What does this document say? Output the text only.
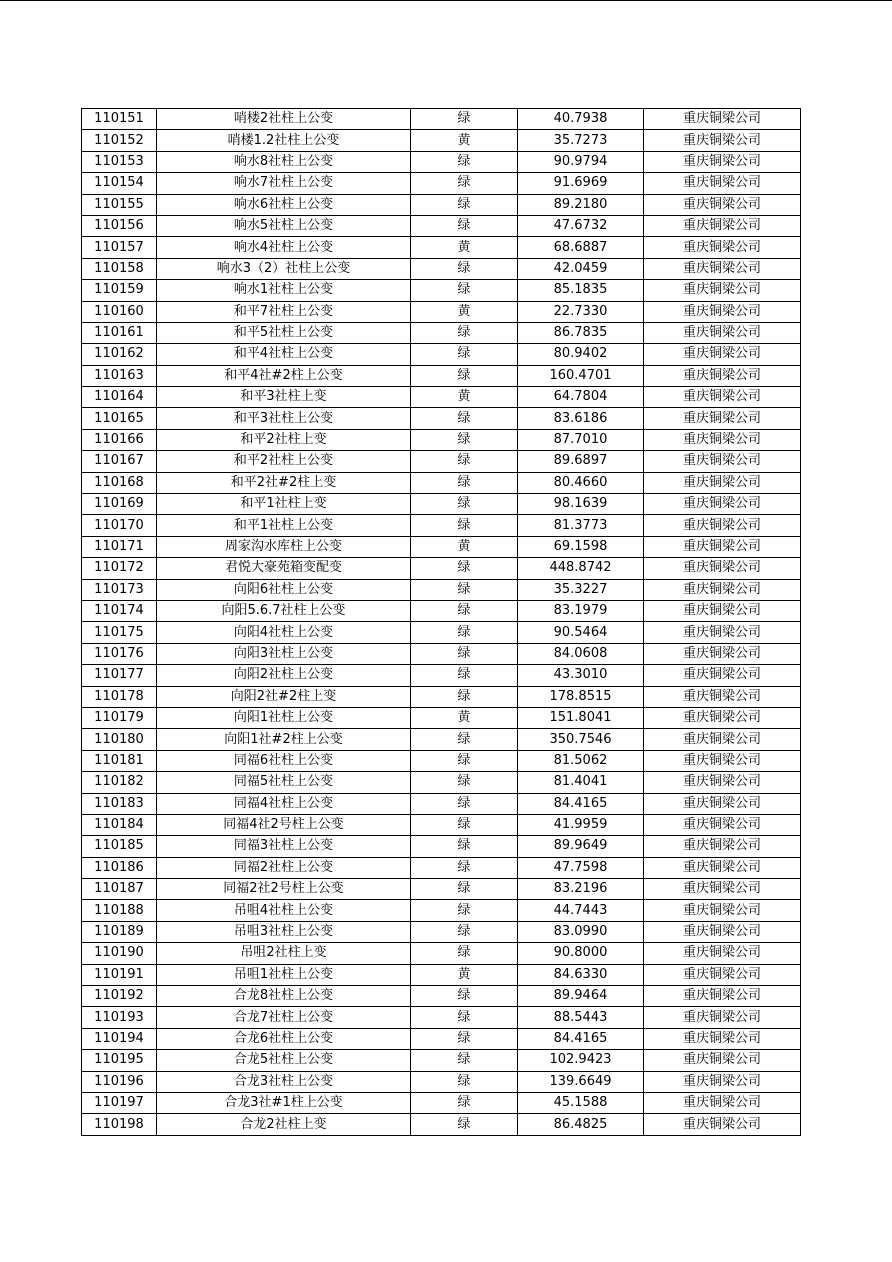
110151	哨楼2社柱上公变	绿	40.7938	重庆铜梁公司
110152	哨楼1.2社柱上公变	黄	35.7273	重庆铜梁公司
110153	响水8社柱上公变	绿	90.9794	重庆铜梁公司
110154	响水7社柱上公变	绿	91.6969	重庆铜梁公司
110155	响水6社柱上公变	绿	89.2180	重庆铜梁公司
110156	响水5社柱上公变	绿	47.6732	重庆铜梁公司
110157	响水4社柱上公变	黄	68.6887	重庆铜梁公司
110158	响水3（2）社柱上公变	绿	42.0459	重庆铜梁公司
110159	响水1社柱上公变	绿	85.1835	重庆铜梁公司
110160	和平7社柱上公变	黄	22.7330	重庆铜梁公司
110161	和平5社柱上公变	绿	86.7835	重庆铜梁公司
110162	和平4社柱上公变	绿	80.9402	重庆铜梁公司
110163	和平4社#2柱上公变	绿	160.4701	重庆铜梁公司
110164	和平3社柱上变	黄	64.7804	重庆铜梁公司
110165	和平3社柱上公变	绿	83.6186	重庆铜梁公司
110166	和平2社柱上变	绿	87.7010	重庆铜梁公司
110167	和平2社柱上公变	绿	89.6897	重庆铜梁公司
110168	和平2社#2柱上变	绿	80.4660	重庆铜梁公司
110169	和平1社柱上变	绿	98.1639	重庆铜梁公司
110170	和平1社柱上公变	绿	81.3773	重庆铜梁公司
110171	周家沟水库柱上公变	黄	69.1598	重庆铜梁公司
110172	君悦大豪苑箱变配变	绿	448.8742	重庆铜梁公司
110173	向阳6社柱上公变	绿	35.3227	重庆铜梁公司
110174	向阳5.6.7社柱上公变	绿	83.1979	重庆铜梁公司
110175	向阳4社柱上公变	绿	90.5464	重庆铜梁公司
110176	向阳3社柱上公变	绿	84.0608	重庆铜梁公司
110177	向阳2社柱上公变	绿	43.3010	重庆铜梁公司
110178	向阳2社#2柱上变	绿	178.8515	重庆铜梁公司
110179	向阳1社柱上公变	黄	151.8041	重庆铜梁公司
110180	向阳1社#2柱上公变	绿	350.7546	重庆铜梁公司
110181	同福6社柱上公变	绿	81.5062	重庆铜梁公司
110182	同福5社柱上公变	绿	81.4041	重庆铜梁公司
110183	同福4社柱上公变	绿	84.4165	重庆铜梁公司
110184	同福4社2号柱上公变	绿	41.9959	重庆铜梁公司
110185	同福3社柱上公变	绿	89.9649	重庆铜梁公司
110186	同福2社柱上公变	绿	47.7598	重庆铜梁公司
110187	同福2社2号柱上公变	绿	83.2196	重庆铜梁公司
110188	吊咀4社柱上公变	绿	44.7443	重庆铜梁公司
110189	吊咀3社柱上公变	绿	83.0990	重庆铜梁公司
110190	吊咀2社柱上变	绿	90.8000	重庆铜梁公司
110191	吊咀1社柱上公变	黄	84.6330	重庆铜梁公司
110192	合龙8社柱上公变	绿	89.9464	重庆铜梁公司
110193	合龙7社柱上公变	绿	88.5443	重庆铜梁公司
110194	合龙6社柱上公变	绿	84.4165	重庆铜梁公司
110195	合龙5社柱上公变	绿	102.9423	重庆铜梁公司
110196	合龙3社柱上公变	绿	139.6649	重庆铜梁公司
110197	合龙3社#1柱上公变	绿	45.1588	重庆铜梁公司
110198	合龙2社柱上变	绿	86.4825	重庆铜梁公司
